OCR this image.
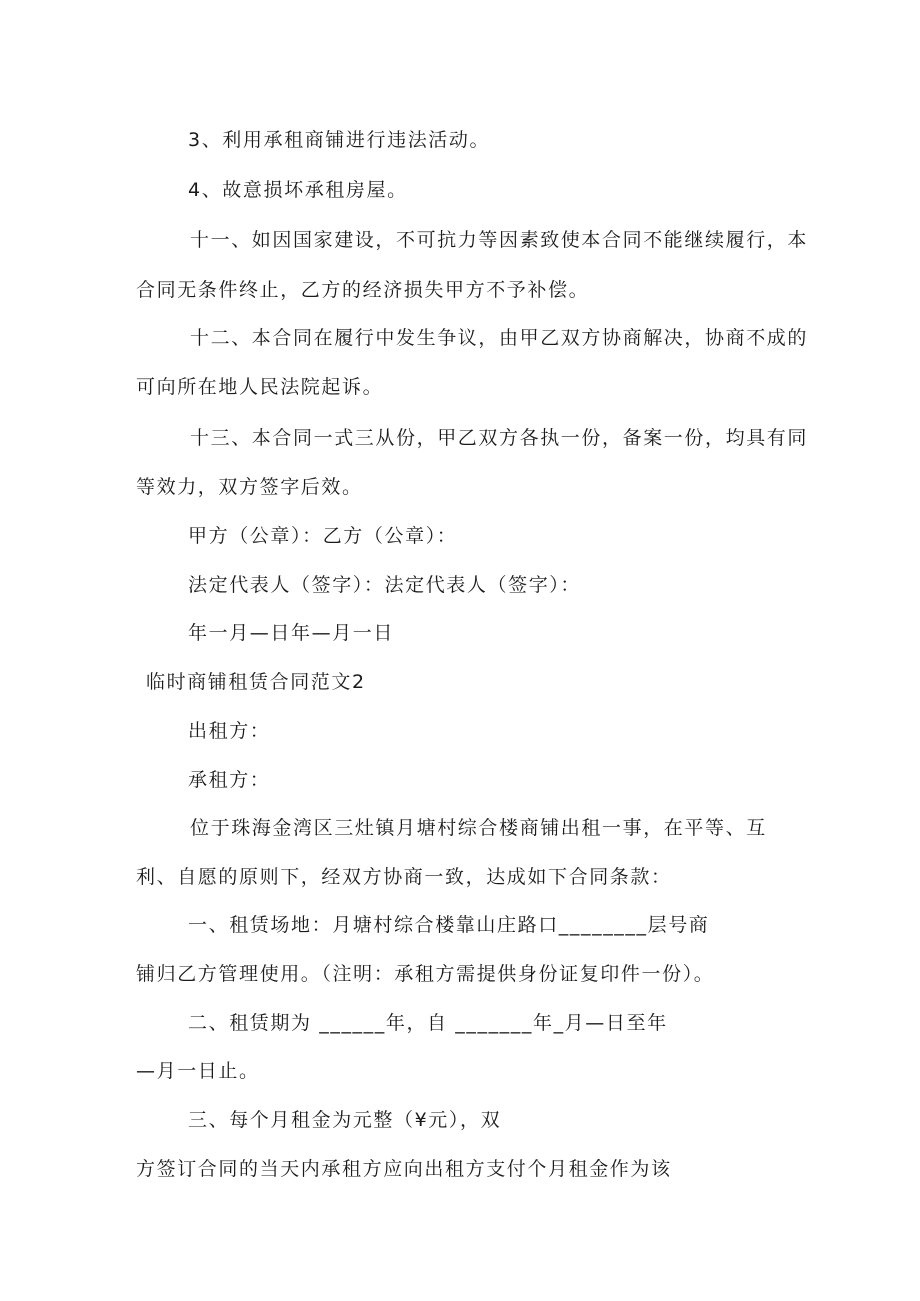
3、利用承租商铺进行违法活动。
4、故意损坏承租房屋。
十一、如因国家建设，不可抗力等因素致使本合同不能继续履行，本
合同无条件终止，乙方的经济损失甲方不予补偿。
十二、本合同在履行中发生争议，由甲乙双方协商解决，协商不成的
可向所在地人民法院起诉。
十三、本合同一式三从份，甲乙双方各执一份，备案一份，均具有同
等效力，双方签字后效。
甲方（公章）：乙方（公章）：
法定代表人（签字）：法定代表人（签字）：
年一月—日年—月一日
临时商铺租赁合同范文2
出租方：
承租方：
位于珠海金湾区三灶镇月塘村综合楼商铺出租一事，在平等、互
利、自愿的原则下，经双方协商一致，达成如下合同条款：
一、租赁场地：月塘村综合楼靠山庄路口________层号商
铺归乙方管理使用。（注明：承租方需提供身份证复印件一份）。
二、租赁期为 ______年，自 _______年_月—日至年
—月一日止。
三、每个月租金为元整（¥元），双
方签订合同的当天内承租方应向出租方支付个月租金作为该
